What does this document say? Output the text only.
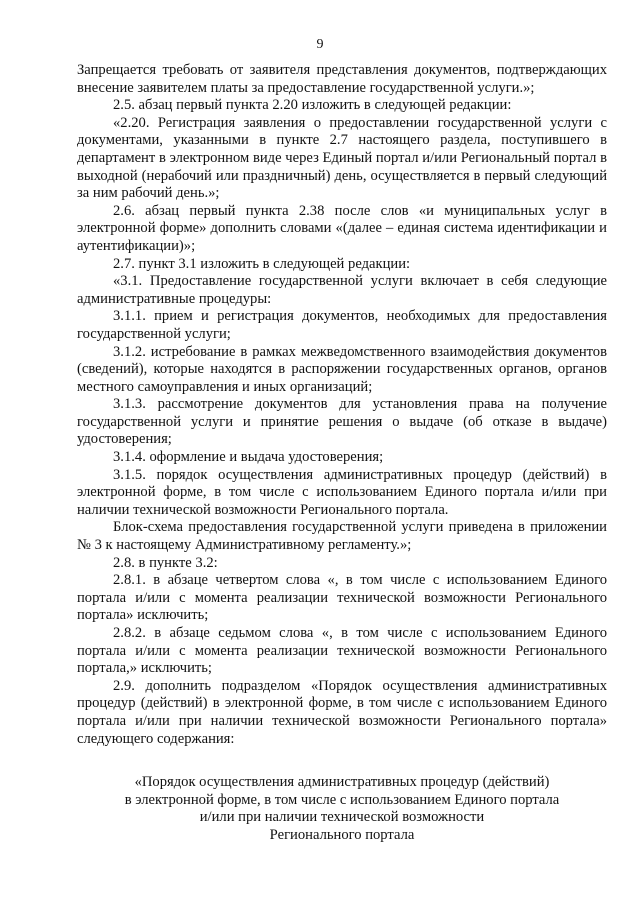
9

Запрещается требовать от заявителя представления документов, подтверждающих внесение заявителем платы за предоставление государственной услуги.»;

2.5. абзац первый пункта 2.20 изложить в следующей редакции:

«2.20. Регистрация заявления о предоставлении государственной услуги с документами, указанными в пункте 2.7 настоящего раздела, поступившего в департамент в электронном виде через Единый портал и/или Региональный портал в выходной (нерабочий или праздничный) день, осуществляется в первый следующий за ним рабочий день.»;

2.6. абзац первый пункта 2.38 после слов «и муниципальных услуг в электронной форме» дополнить словами «(далее – единая система идентификации и аутентификации)»;

2.7. пункт 3.1 изложить в следующей редакции:

«3.1. Предоставление государственной услуги включает в себя следующие административные процедуры:

3.1.1. прием и регистрация документов, необходимых для предоставления государственной услуги;

3.1.2. истребование в рамках межведомственного взаимодействия документов (сведений), которые находятся в распоряжении государственных органов, органов местного самоуправления и иных организаций;

3.1.3. рассмотрение документов для установления права на получение государственной услуги и принятие решения о выдаче (об отказе в выдаче) удостоверения;

3.1.4. оформление и выдача удостоверения;

3.1.5. порядок осуществления административных процедур (действий) в электронной форме, в том числе с использованием Единого портала и/или при наличии технической возможности Регионального портала.

Блок-схема предоставления государственной услуги приведена в приложении № 3 к настоящему Административному регламенту.»;

2.8. в пункте 3.2:

2.8.1. в абзаце четвертом слова «, в том числе с использованием Единого портала и/или с момента реализации технической возможности Регионального портала» исключить;

2.8.2. в абзаце седьмом слова «, в том числе с использованием Единого портала и/или с момента реализации технической возможности Регионального портала,» исключить;

2.9. дополнить подразделом «Порядок осуществления административных процедур (действий) в электронной форме, в том числе с использованием Единого портала и/или при наличии технической возможности Регионального портала» следующего содержания:

«Порядок осуществления административных процедур (действий)
в электронной форме, в том числе с использованием Единого портала
и/или при наличии технической возможности
Регионального портала
